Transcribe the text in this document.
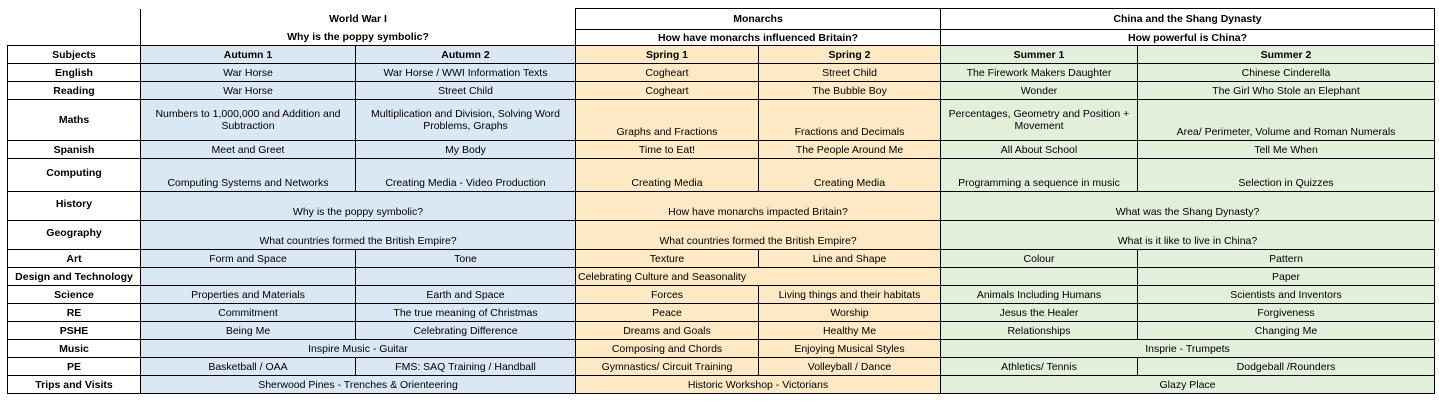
	World War I		Monarchs		China and the Shang Dynasty	
	Why is the poppy symbolic?		How have monarchs influenced Britain?		How powerful is China?	
Subjects	Autumn 1	Autumn 2	Spring 1	Spring 2	Summer 1	Summer 2
English	War Horse	War Horse / WWI Information Texts	Cogheart	Street Child	The Firework Makers Daughter	Chinese Cinderella
Reading	War Horse	Street Child	Cogheart	The Bubble Boy	Wonder	The Girl Who Stole an Elephant
Maths	Numbers to 1,000,000 and Addition and Subtraction	Multiplication and Division, Solving Word Problems, Graphs	Graphs and Fractions	Fractions and Decimals	Percentages, Geometry and Position + Movement	Area/ Perimeter, Volume and Roman Numerals
Spanish	Meet and Greet	My Body	Time to Eat!	The People Around Me	All About School	Tell Me When
Computing	Computing Systems and Networks	Creating Media - Video Production	Creating Media	Creating Media	Programming a sequence in music	Selection in Quizzes
History	Why is the poppy symbolic?		How have monarchs impacted Britain?		What was the Shang Dynasty?	
Geography	What countries formed the British Empire?		What countries formed the British Empire?		What is it like to live in China?	
Art	Form and Space	Tone	Texture	Line and Shape	Colour	Pattern
Design and Technology			Celebrating Culture and Seasonality			Paper
Science	Properties and Materials	Earth and Space	Forces	Living things and their habitats	Animals Including Humans	Scientists and Inventors
RE	Commitment	The true meaning of Christmas	Peace	Worship	Jesus the Healer	Forgiveness
PSHE	Being Me	Celebrating Difference	Dreams and Goals	Healthy Me	Relationships	Changing Me
Music	Inspire Music - Guitar		Composing and Chords	Enjoying Musical Styles	Insprie - Trumpets	
PE	Basketball / OAA	FMS: SAQ Training / Handball	Gymnastics/ Circuit Training	Volleyball / Dance	Athletics/ Tennis	Dodgeball /Rounders
Trips and Visits	Sherwood Pines - Trenches & Orienteering		Historic Workshop - Victorians		Glazy Place	
